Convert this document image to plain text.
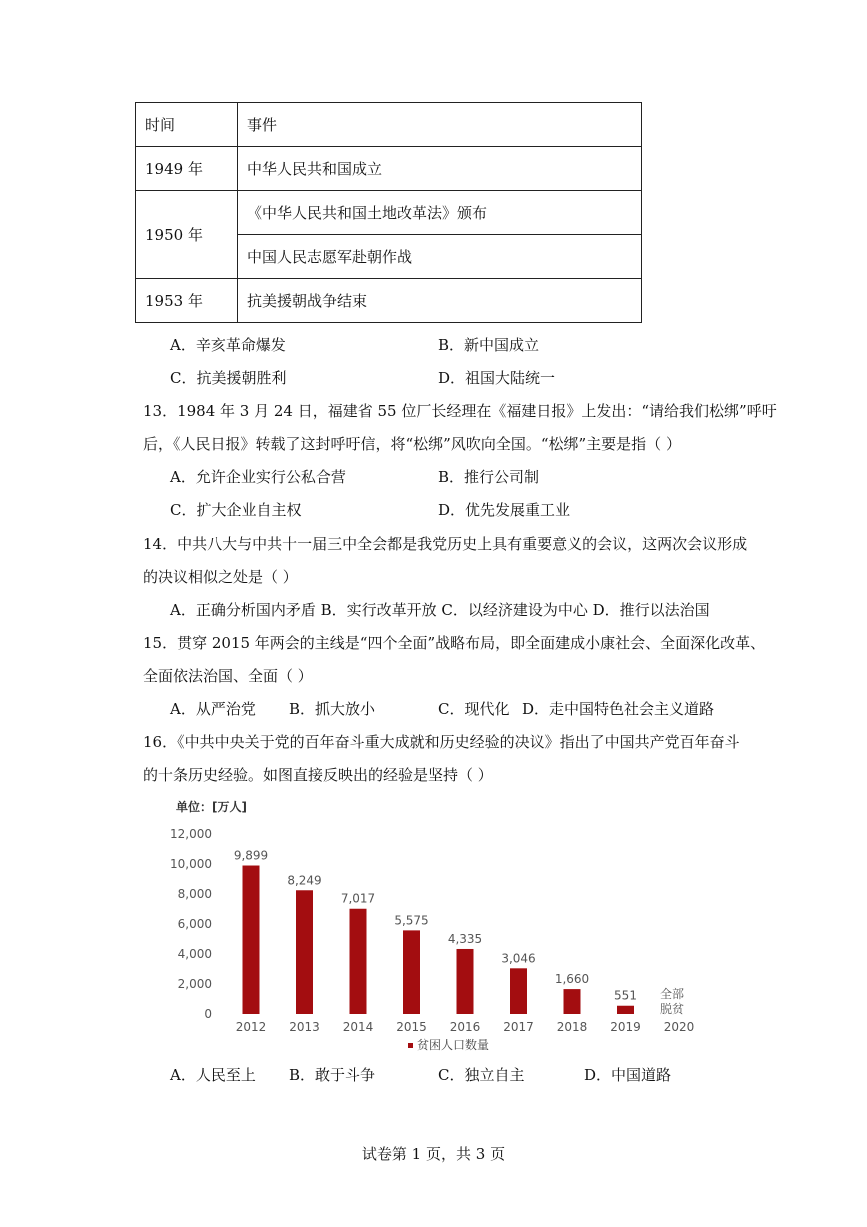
时间	事件
1949 年	中华人民共和国成立
1950 年	《中华人民共和国土地改革法》颁布
	中国人民志愿军赴朝作战
1953 年	抗美援朝战争结束
A．辛亥革命爆发	B．新中国成立
C．抗美援朝胜利	D．祖国大陆统一
13．1984 年 3 月 24 日，福建省 55 位厂长经理在《福建日报》上发出：“请给我们松绑”呼吁
后，《人民日报》转载了这封呼吁信，将“松绑”风吹向全国。“松绑”主要是指（ ）
A．允许企业实行公私合营	B．推行公司制
C．扩大企业自主权	D．优先发展重工业
14．中共八大与中共十一届三中全会都是我党历史上具有重要意义的会议，这两次会议形成
的决议相似之处是（ ）
A．正确分析国内矛盾 B．实行改革开放 C．以经济建设为中心 D．推行以法治国
15．贯穿 2015 年两会的主线是“四个全面”战略布局，即全面建成小康社会、全面深化改革、
全面依法治国、全面（ ）
A．从严治党 B．抓大放小	C．现代化 D．走中国特色社会主义道路
16．《中共中央关于党的百年奋斗重大成就和历史经验的决议》指出了中国共产党百年奋斗
的十条历史经验。如图直接反映出的经验是坚持（ ）
单位：[万人]
0
2,000
4,000
6,000
8,000
10,000
12,000
9,899
8,249
7,017
5,575
4,335
3,046
1,660
551
2012 2013 2014 2015 2016 2017 2018 2019 2020
全部
脱贫
贫困人口数量
A．人民至上 B．敢于斗争	C．独立自主	D．中国道路
试卷第 1 页，共 3 页
